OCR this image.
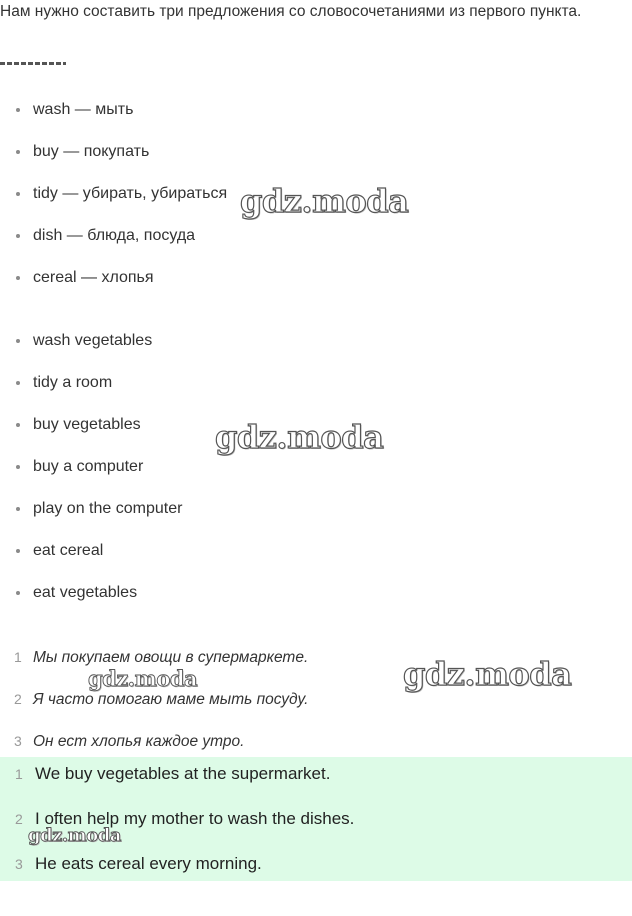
Нам нужно составить три предложения со словосочетаниями из первого пункта.
wash — мыть
buy — покупать
tidy — убирать, убираться
dish — блюда, посуда
cereal — хлопья
wash vegetables
tidy a room
buy vegetables
buy a computer
play on the computer
eat cereal
eat vegetables
1 Мы покупаем овощи в супермаркете.
2 Я часто помогаю маме мыть посуду.
3 Он ест хлопья каждое утро.
1 We buy vegetables at the supermarket.
2 I often help my mother to wash the dishes.
3 He eats cereal every morning.
gdz.moda
gdz.moda
gdz.moda
gdz.moda
gdz.moda
